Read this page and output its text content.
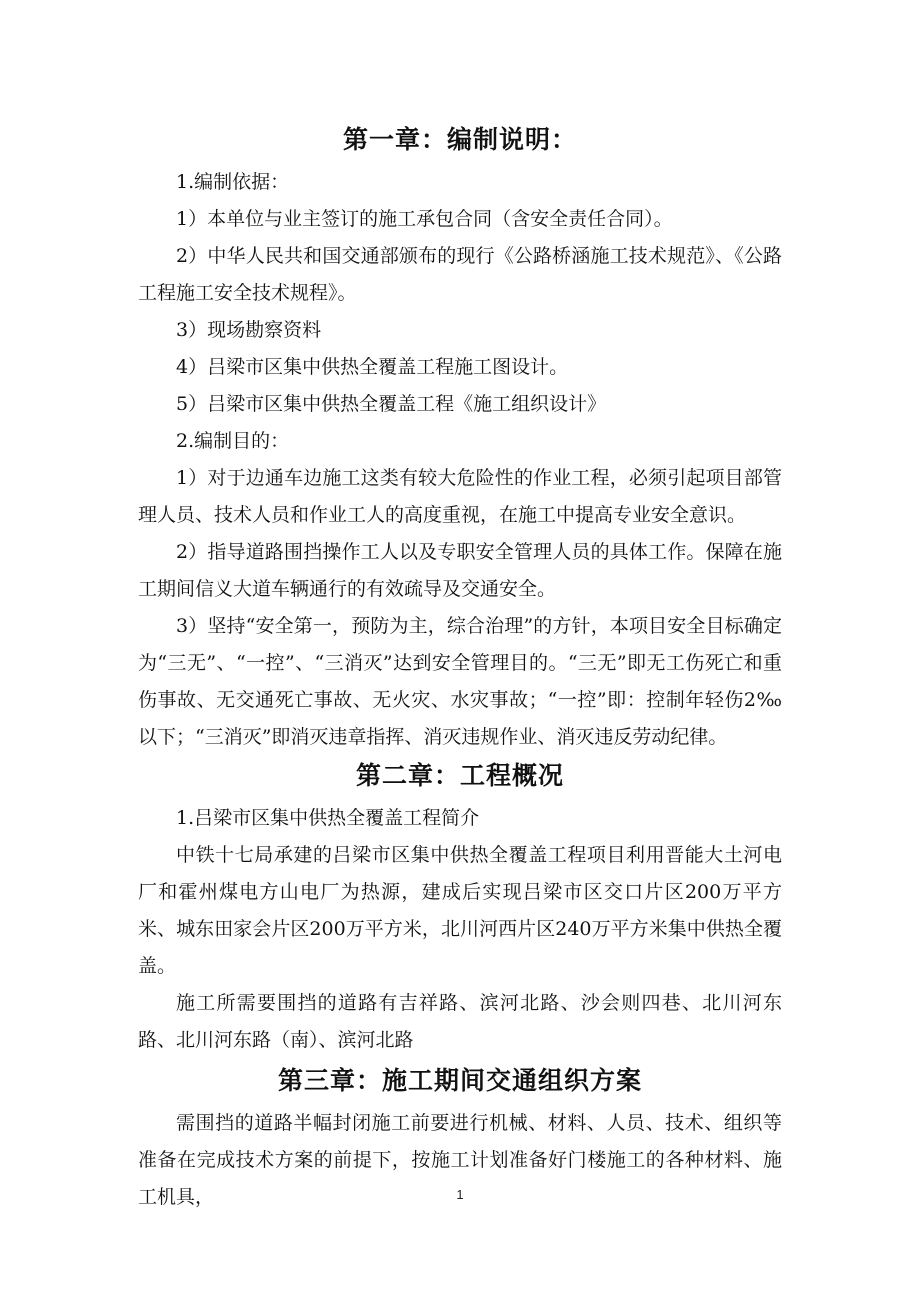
第一章：编制说明：

1.编制依据：

1）本单位与业主签订的施工承包合同（含安全责任合同）。

2）中华人民共和国交通部颁布的现行《公路桥涵施工技术规范》、《公路工程施工安全技术规程》。

3）现场勘察资料

4）吕梁市区集中供热全覆盖工程施工图设计。

5）吕梁市区集中供热全覆盖工程《施工组织设计》

2.编制目的：

1）对于边通车边施工这类有较大危险性的作业工程，必须引起项目部管理人员、技术人员和作业工人的高度重视，在施工中提高专业安全意识。

2）指导道路围挡操作工人以及专职安全管理人员的具体工作。保障在施工期间信义大道车辆通行的有效疏导及交通安全。

3）坚持“安全第一，预防为主，综合治理”的方针，本项目安全目标确定为“三无”、“一控”、“三消灭”达到安全管理目的。“三无”即无工伤死亡和重伤事故、无交通死亡事故、无火灾、水灾事故；“一控”即：控制年轻伤2‰以下；“三消灭”即消灭违章指挥、消灭违规作业、消灭违反劳动纪律。

第二章：工程概况

1.吕梁市区集中供热全覆盖工程简介

中铁十七局承建的吕梁市区集中供热全覆盖工程项目利用晋能大土河电厂和霍州煤电方山电厂为热源，建成后实现吕梁市区交口片区200万平方米、城东田家会片区200万平方米，北川河西片区240万平方米集中供热全覆盖。

施工所需要围挡的道路有吉祥路、滨河北路、沙会则四巷、北川河东路、北川河东路（南）、滨河北路

第三章：施工期间交通组织方案

需围挡的道路半幅封闭施工前要进行机械、材料、人员、技术、组织等准备在完成技术方案的前提下，按施工计划准备好门楼施工的各种材料、施工机具，	1
